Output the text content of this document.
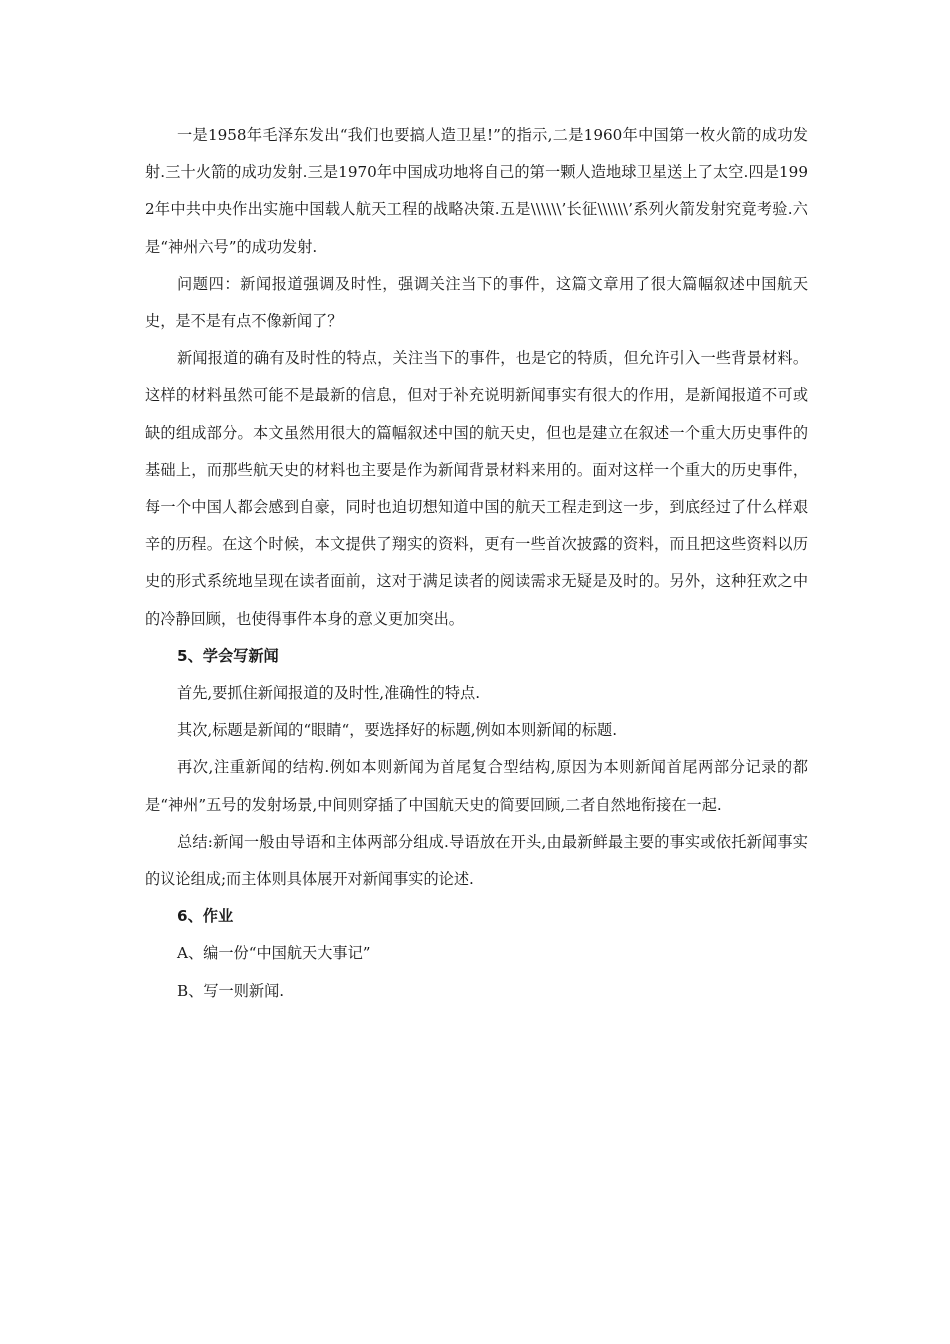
一是1958年毛泽东发出“我们也要搞人造卫星!”的指示,二是1960年中国第一枚火箭的成功发射.三十火箭的成功发射.三是1970年中国成功地将自己的第一颗人造地球卫星送上了太空.四是1992年中共中央作出实施中国载人航天工程的战略决策.五是\\\\\\’长征\\\\\\’系列火箭发射究竟考验.六是“神州六号”的成功发射.

问题四：新闻报道强调及时性，强调关注当下的事件，这篇文章用了很大篇幅叙述中国航天史，是不是有点不像新闻了？

新闻报道的确有及时性的特点，关注当下的事件，也是它的特质，但允许引入一些背景材料。这样的材料虽然可能不是最新的信息，但对于补充说明新闻事实有很大的作用，是新闻报道不可或缺的组成部分。本文虽然用很大的篇幅叙述中国的航天史，但也是建立在叙述一个重大历史事件的基础上，而那些航天史的材料也主要是作为新闻背景材料来用的。面对这样一个重大的历史事件，每一个中国人都会感到自豪，同时也迫切想知道中国的航天工程走到这一步，到底经过了什么样艰辛的历程。在这个时候，本文提供了翔实的资料，更有一些首次披露的资料，而且把这些资料以历史的形式系统地呈现在读者面前，这对于满足读者的阅读需求无疑是及时的。另外，这种狂欢之中的冷静回顾，也使得事件本身的意义更加突出。

5、学会写新闻

首先,要抓住新闻报道的及时性,准确性的特点.

其次,标题是新闻的“眼睛“，要选择好的标题,例如本则新闻的标题.

再次,注重新闻的结构.例如本则新闻为首尾复合型结构,原因为本则新闻首尾两部分记录的都是“神州”五号的发射场景,中间则穿插了中国航天史的简要回顾,二者自然地衔接在一起.

总结:新闻一般由导语和主体两部分组成.导语放在开头,由最新鲜最主要的事实或依托新闻事实的议论组成;而主体则具体展开对新闻事实的论述.

6、作业

A、编一份“中国航天大事记”

B、写一则新闻.
